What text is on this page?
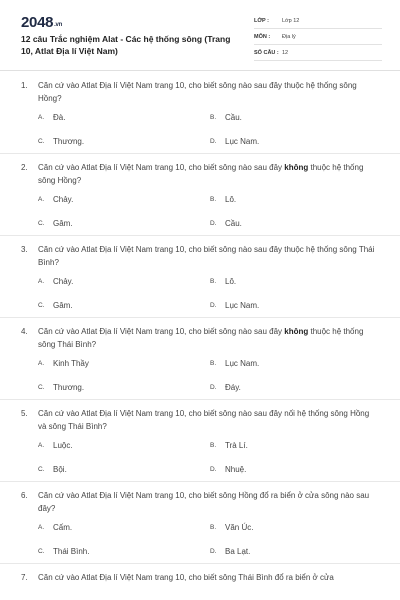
2048.vn
12 câu Trắc nghiệm Alat - Các hệ thống sông (Trang 10, Atlat Địa lí Việt Nam)
LỚP :	Lớp 12
MÔN :	Địa lý
SỐ CÂU : 12
1.	Căn cứ vào Atlat Địa lí Việt Nam trang 10, cho biết sông nào sau đây thuộc hệ thống sông Hồng?
A.	Đà.	B.	Cầu.
C.	Thương.	D.	Lục Nam.
2.	Căn cứ vào Atlat Địa lí Việt Nam trang 10, cho biết sông nào sau đây không thuộc hệ thống sông Hồng?
A.	Chảy.	B.	Lô.
C.	Gâm.	D.	Cầu.
3.	Căn cứ vào Atlat Địa lí Việt Nam trang 10, cho biết sông nào sau đây thuộc hệ thống sông Thái Bình?
A.	Chảy.	B.	Lô.
C.	Gâm.	D.	Lục Nam.
4.	Căn cứ vào Atlat Địa lí Việt Nam trang 10, cho biết sông nào sau đây không thuộc hệ thống sông Thái Bình?
A.	Kinh Thầy	B.	Lục Nam.
C.	Thương.	D.	Đáy.
5.	Căn cứ vào Atlat Địa lí Việt Nam trang 10, cho biết sông nào sau đây nối hệ thống sông Hồng và sông Thái Bình?
A.	Luộc.	B.	Trà Lí.
C.	Bội.	D.	Nhuệ.
6.	Căn cứ vào Atlat Địa lí Việt Nam trang 10, cho biết sông Hồng đổ ra biển ở cửa sông nào sau đây?
A.	Cấm.	B.	Văn Úc.
C.	Thái Bình.	D.	Ba Lạt.
7.	Căn cứ vào Atlat Địa lí Việt Nam trang 10, cho biết sông Thái Bình đổ ra biển ở cửa
